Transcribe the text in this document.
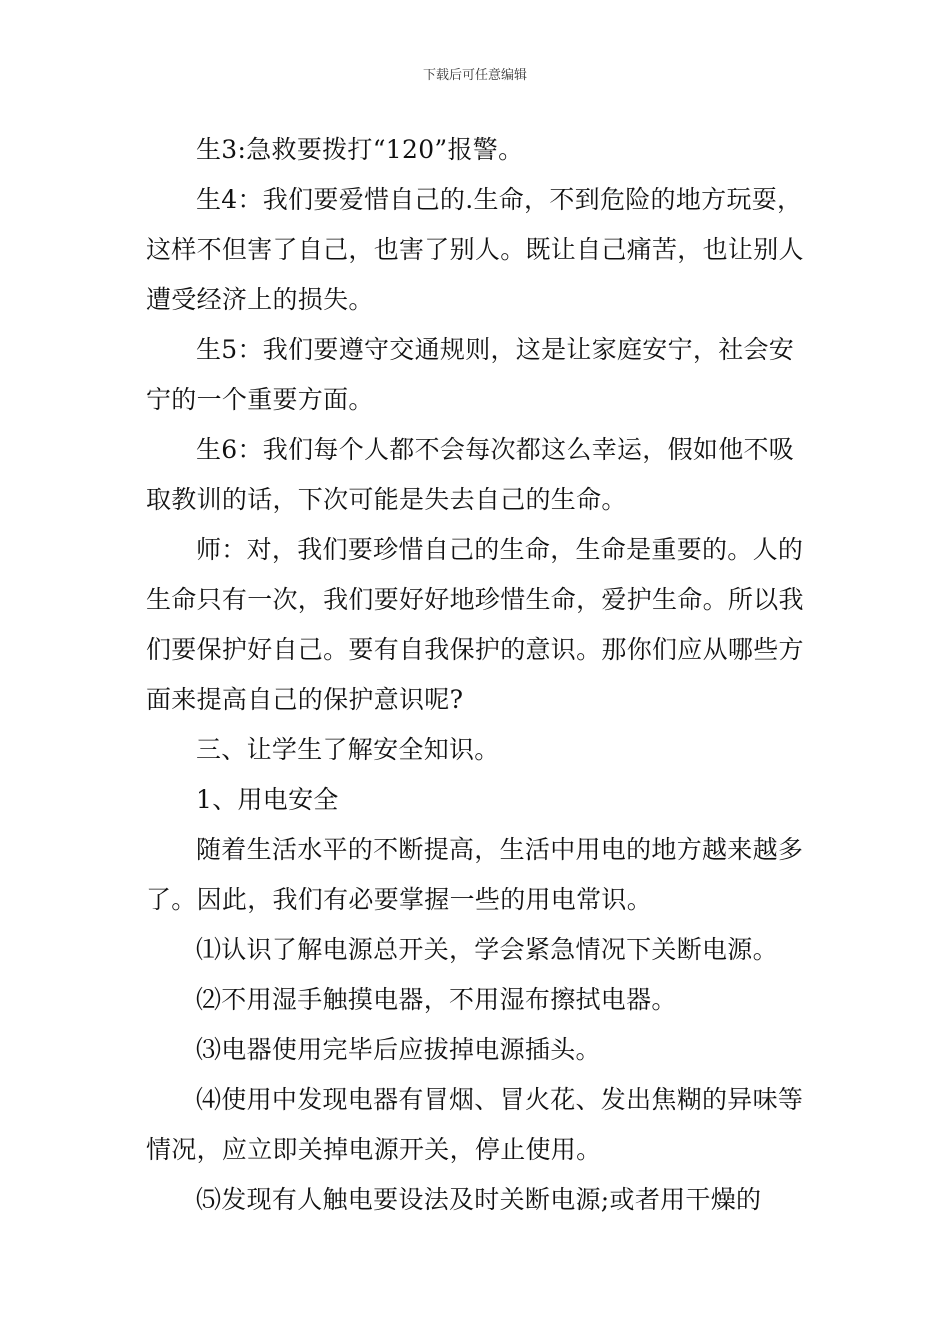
下载后可任意编辑

生3:急救要拨打“120”报警。

生4：我们要爱惜自己的.生命，不到危险的地方玩耍，这样不但害了自己，也害了别人。既让自己痛苦，也让别人遭受经济上的损失。

生5：我们要遵守交通规则，这是让家庭安宁，社会安宁的一个重要方面。

生6：我们每个人都不会每次都这么幸运，假如他不吸取教训的话，下次可能是失去自己的生命。

师：对，我们要珍惜自己的生命，生命是重要的。人的生命只有一次，我们要好好地珍惜生命，爱护生命。所以我们要保护好自己。要有自我保护的意识。那你们应从哪些方面来提高自己的保护意识呢?

三、让学生了解安全知识。

1、用电安全

随着生活水平的不断提高，生活中用电的地方越来越多了。因此，我们有必要掌握一些的用电常识。

⑴认识了解电源总开关，学会紧急情况下关断电源。

⑵不用湿手触摸电器，不用湿布擦拭电器。

⑶电器使用完毕后应拔掉电源插头。

⑷使用中发现电器有冒烟、冒火花、发出焦糊的异味等情况，应立即关掉电源开关，停止使用。

⑸发现有人触电要设法及时关断电源;或者用干燥的
